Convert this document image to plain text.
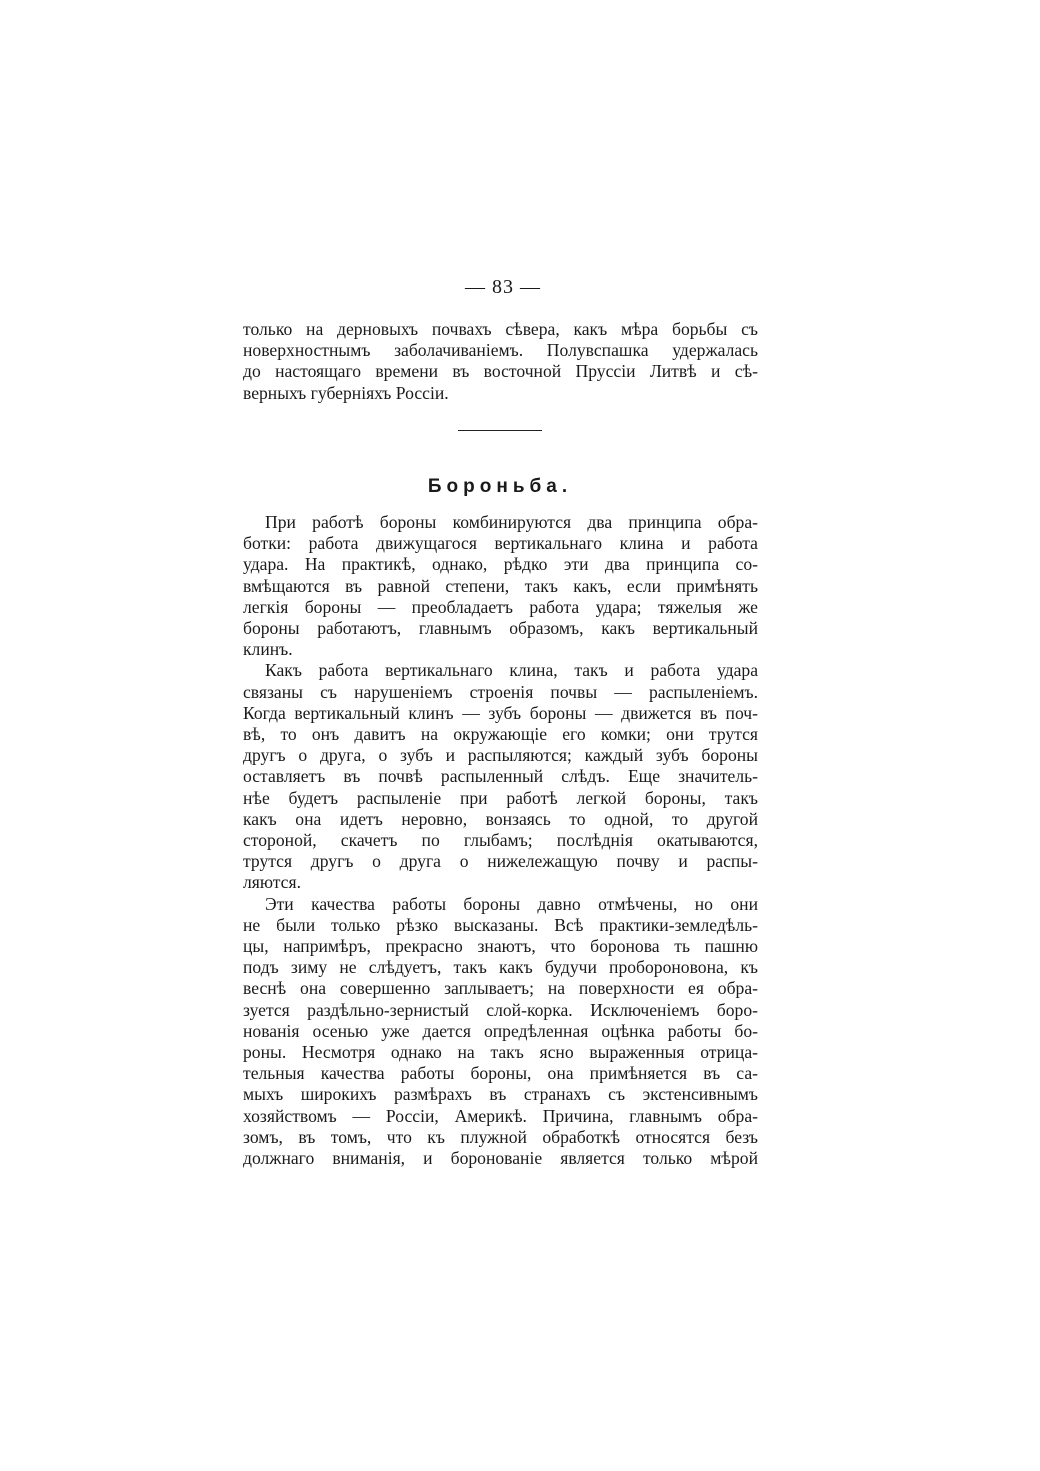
— 83 —
только на дерновыхъ почвахъ сѣвера, какъ мѣра борьбы съ
новерхностнымъ заболачиваніемъ. Полувспашка удержалась
до настоящаго времени въ восточной Пруссіи Литвѣ и сѣ-
верныхъ губерніяхъ Россіи.
Бороньба.
При работѣ бороны комбинируются два принципа обра-
ботки: работа движущагося вертикальнаго клина и работа
удара. На практикѣ, однако, рѣдко эти два принципа со-
вмѣщаются въ равной степени, такъ какъ, если примѣнять
легкія бороны — преобладаетъ работа удара; тяжелыя же
бороны работаютъ, главнымъ образомъ, какъ вертикальный
клинъ.
Какъ работа вертикальнаго клина, такъ и работа удара
связаны съ нарушеніемъ строенія почвы — распыленіемъ.
Когда вертикальный клинъ — зубъ бороны — движется въ поч-
вѣ, то онъ давитъ на окружающіе его комки; они трутся
другъ о друга, о зубъ и распыляются; каждый зубъ бороны
оставляетъ въ почвѣ распыленный слѣдъ. Еще значитель-
нѣе будетъ распыленіе при работѣ легкой бороны, такъ
какъ она идетъ неровно, вонзаясь то одной, то другой
стороной, скачетъ по глыбамъ; послѣднія окатываются,
трутся другъ о друга о нижележащую почву и распы-
ляются.
Эти качества работы бороны давно отмѣчены, но они
не были только рѣзко высказаны. Всѣ практики-земледѣль-
цы, напримѣръ, прекрасно знаютъ, что боронова ть пашню
подъ зиму не слѣдуетъ, такъ какъ будучи пробороновона, къ
веснѣ она совершенно заплываетъ; на поверхности ея обра-
зуется раздѣльно-зернистый слой-корка. Исключеніемъ боро-
нованія осенью уже дается опредѣленная оцѣнка работы бо-
роны. Несмотря однако на такъ ясно выраженныя отрица-
тельныя качества работы бороны, она примѣняется въ са-
мыхъ широкихъ размѣрахъ въ странахъ съ экстенсивнымъ
хозяйствомъ — Россіи, Америкѣ. Причина, главнымъ обра-
зомъ, въ томъ, что къ плужной обработкѣ относятся безъ
должнаго вниманія, и боронованіе является только мѣрой
